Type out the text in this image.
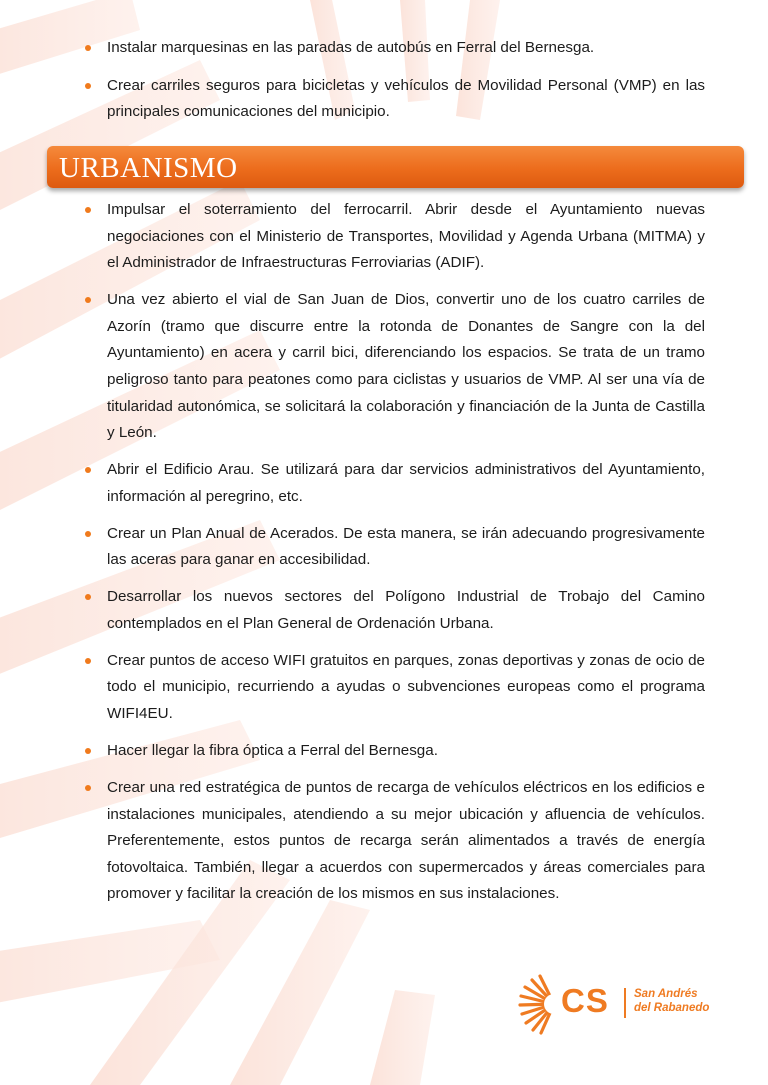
Instalar marquesinas en las paradas de autobús en Ferral del Bernesga.
Crear carriles seguros para bicicletas y vehículos de Movilidad Personal (VMP) en las principales comunicaciones del municipio.
URBANISMO
Impulsar el soterramiento del ferrocarril. Abrir desde el Ayuntamiento nuevas negociaciones con el Ministerio de Transportes, Movilidad y Agenda Urbana (MITMA) y el Administrador de Infraestructuras Ferroviarias (ADIF).
Una vez abierto el vial de San Juan de Dios, convertir uno de los cuatro carriles de Azorín (tramo que discurre entre la rotonda de Donantes de Sangre con la del Ayuntamiento) en acera y carril bici, diferenciando los espacios. Se trata de un tramo peligroso tanto para peatones como para ciclistas y usuarios de VMP. Al ser una vía de titularidad autonómica, se solicitará la colaboración y financiación de la Junta de Castilla y León.
Abrir el Edificio Arau. Se utilizará para dar servicios administrativos del Ayuntamiento, información al peregrino, etc.
Crear un Plan Anual de Acerados. De esta manera, se irán adecuando progresivamente las aceras para ganar en accesibilidad.
Desarrollar los nuevos sectores del Polígono Industrial de Trobajo del Camino contemplados en el Plan General de Ordenación Urbana.
Crear puntos de acceso WIFI gratuitos en parques, zonas deportivas y zonas de ocio de todo el municipio, recurriendo a ayudas o subvenciones europeas como el programa WIFI4EU.
Hacer llegar la fibra óptica a Ferral del Bernesga.
Crear una red estratégica de puntos de recarga de vehículos eléctricos en los edificios e instalaciones municipales, atendiendo a su mejor ubicación y afluencia de vehículos. Preferentemente, estos puntos de recarga serán alimentados a través de energía fotovoltaica. También, llegar a acuerdos con supermercados y áreas comerciales para promover y facilitar la creación de los mismos en sus instalaciones.
CS San Andrés
del Rabanedo
